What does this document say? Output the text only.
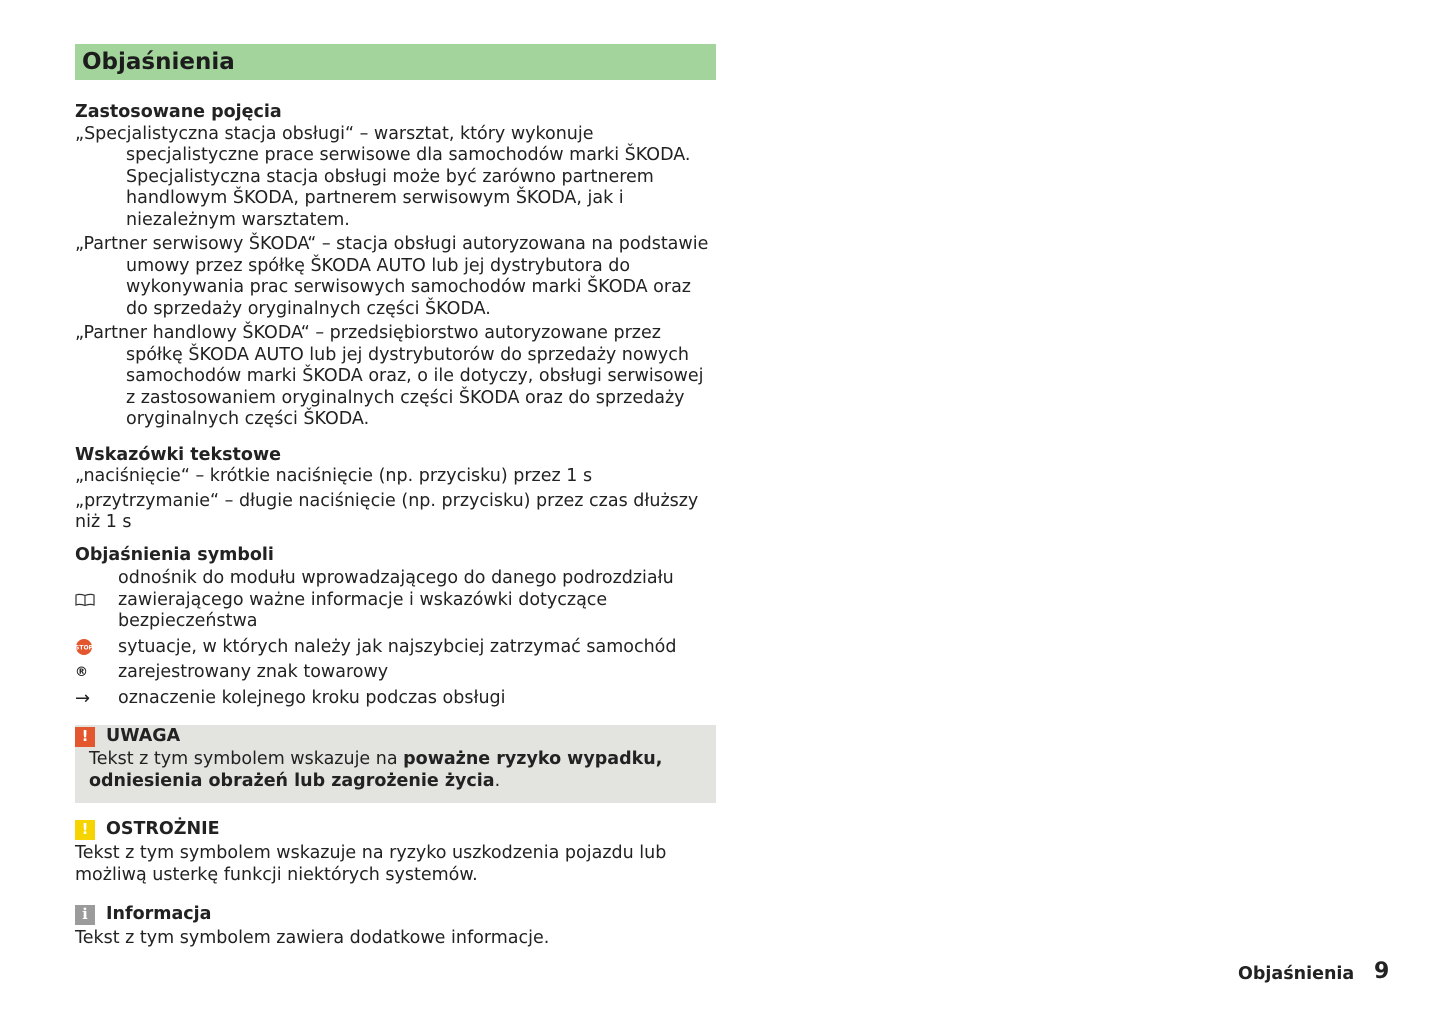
Objaśnienia

Zastosowane pojęcia

„Specjalistyczna stacja obsługi“ – warsztat, który wykonuje specjalistyczne prace serwisowe dla samochodów marki ŠKODA. Specjalistyczna stacja obsługi może być zarówno partnerem handlowym ŠKODA, partnerem serwisowym ŠKODA, jak i niezależnym warsztatem.

„Partner serwisowy ŠKODA“ – stacja obsługi autoryzowana na podstawie umowy przez spółkę ŠKODA AUTO lub jej dystrybutora do wykonywania prac serwisowych samochodów marki ŠKODA oraz do sprzedaży oryginalnych części ŠKODA.

„Partner handlowy ŠKODA“ – przedsiębiorstwo autoryzowane przez spółkę ŠKODA AUTO lub jej dystrybutorów do sprzedaży nowych samochodów marki ŠKODA oraz, o ile dotyczy, obsługi serwisowej z zastosowaniem oryginalnych części ŠKODA oraz do sprzedaży oryginalnych części ŠKODA.

Wskazówki tekstowe

„naciśnięcie“ – krótkie naciśnięcie (np. przycisku) przez 1 s

„przytrzymanie“ – długie naciśnięcie (np. przycisku) przez czas dłuższy niż 1 s

Objaśnienia symboli

odnośnik do modułu wprowadzającego do danego podrozdziału zawierającego ważne informacje i wskazówki dotyczące bezpieczeństwa
STOP sytuacje, w których należy jak najszybciej zatrzymać samochód
® zarejestrowany znak towarowy
→ oznaczenie kolejnego kroku podczas obsługi
!	UWAGA

Tekst z tym symbolem wskazuje na poważne ryzyko wypadku, odniesienia obrażeń lub zagrożenie życia.

!	OSTROŻNIE

Tekst z tym symbolem wskazuje na ryzyko uszkodzenia pojazdu lub możliwą usterkę funkcji niektórych systemów.

i	Informacja

Tekst z tym symbolem zawiera dodatkowe informacje.

Objaśnienia 9
